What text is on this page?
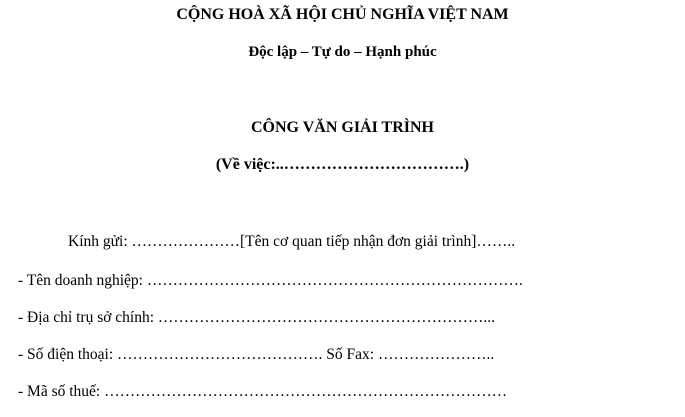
CỘNG HOÀ XÃ HỘI CHỦ NGHĨA VIỆT NAM
Độc lập – Tự do – Hạnh phúc
CÔNG VĂN GIẢI TRÌNH
(Về việc:..…………………………….)
Kính gửi: …………………[Tên cơ quan tiếp nhận đơn giải trình]……..
- Tên doanh nghiệp: ……………………………………………………………….
- Địa chỉ trụ sở chính: ………………………………………………………...
- Số điện thoại: …………………………………. Số Fax: …………………..
- Mã số thuế: ……………………………………………………………………
